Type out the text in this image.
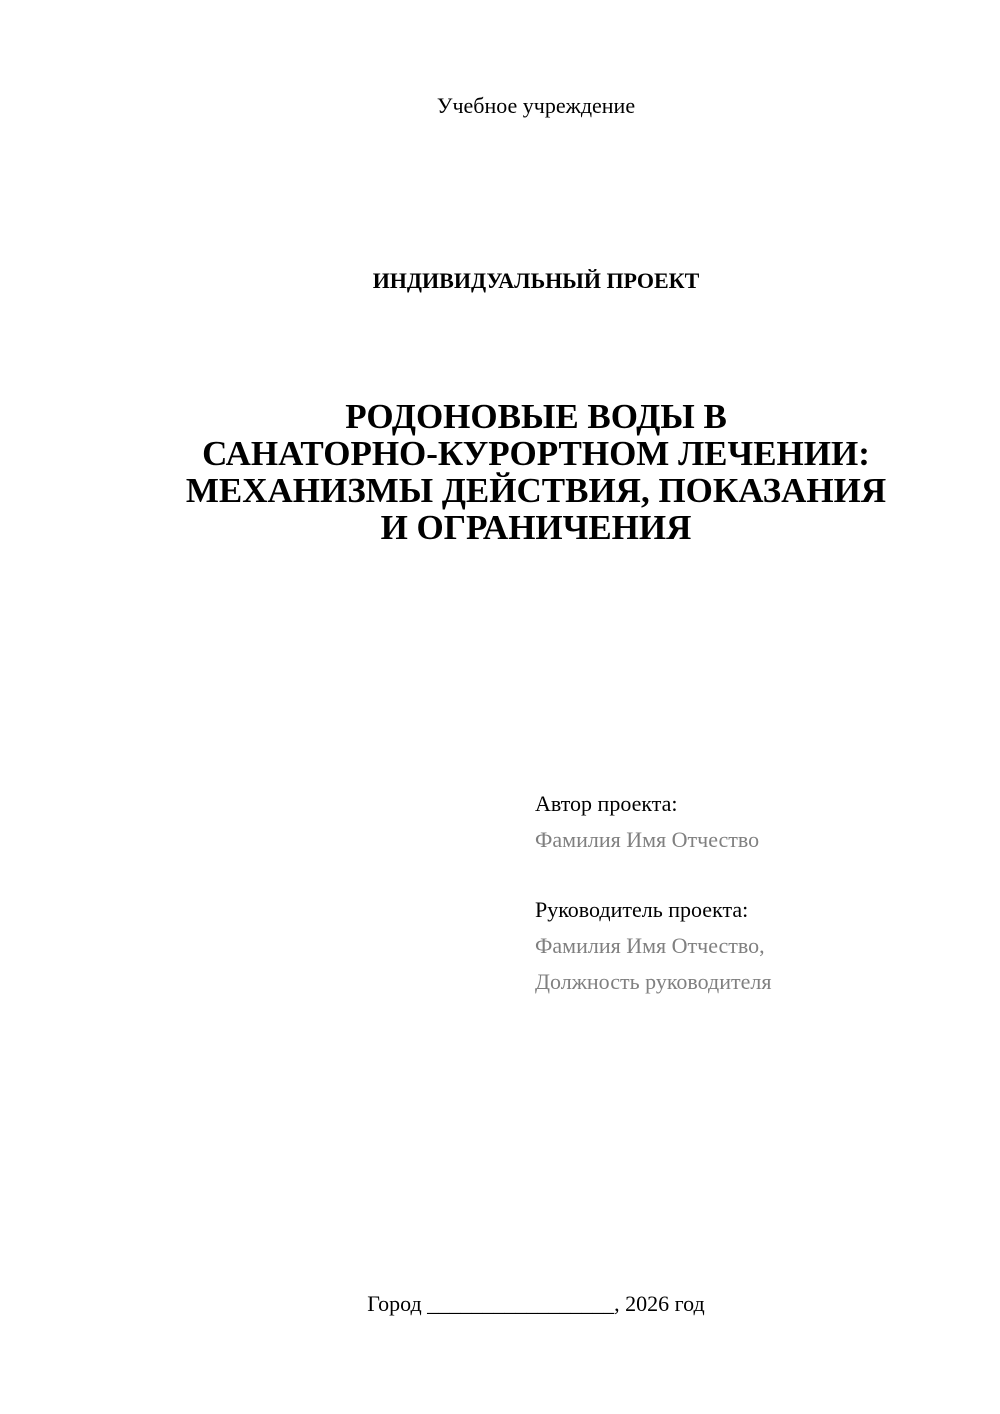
Учебное учреждение
ИНДИВИДУАЛЬНЫЙ ПРОЕКТ
РОДОНОВЫЕ ВОДЫ В
САНАТОРНО-КУРОРТНОМ ЛЕЧЕНИИ:
МЕХАНИЗМЫ ДЕЙСТВИЯ, ПОКАЗАНИЯ
И ОГРАНИЧЕНИЯ
Автор проекта:
Фамилия Имя Отчество
Руководитель проекта:
Фамилия Имя Отчество,
Должность руководителя
Город _________________, 2026 год
